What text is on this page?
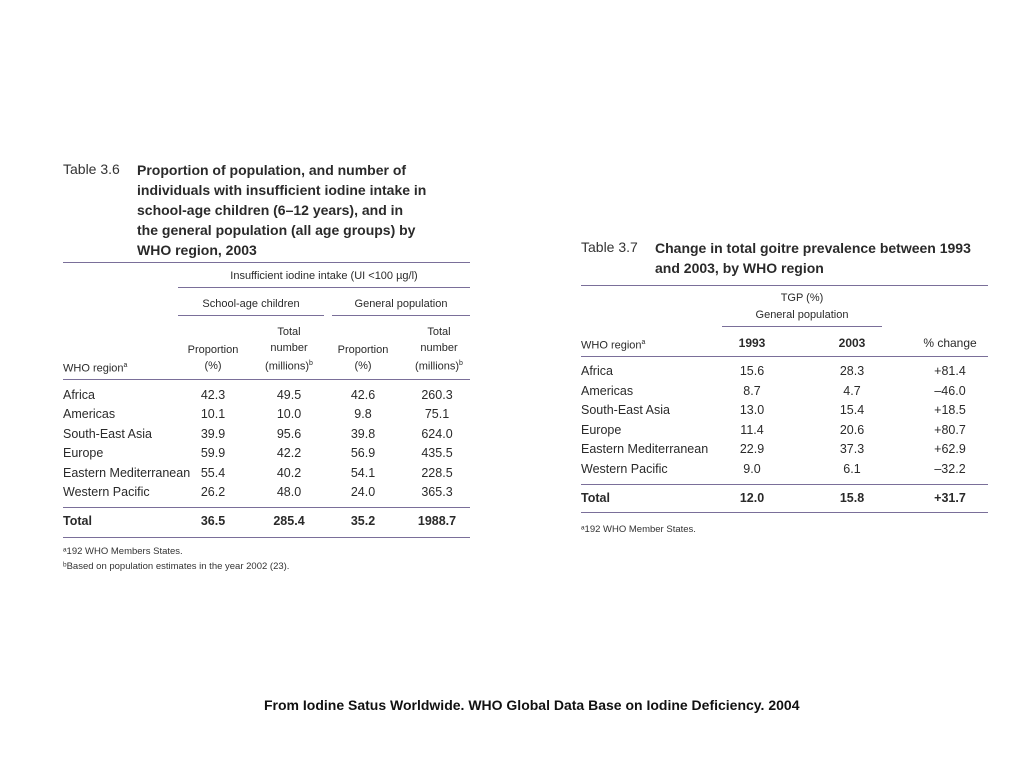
Table 3.6 Proportion of population, and number of
individuals with insufficient iodine intake in
school-age children (6–12 years), and in
the general population (all age groups) by
WHO region, 2003
Insufficient iodine intake (UI <100 µg/l)
School-age children	General population
WHO region$^a$
Proportion
(%)
Total
number
(millions)$^b$
Proportion
(%)
Total
number
(millions)$^b$
Africa	42.3	49.5	42.6	260.3
Americas	10.1	10.0	9.8	75.1
South-East Asia	39.9	95.6	39.8	624.0
Europe	59.9	42.2	56.9	435.5
Eastern Mediterranean 55.4	40.2	54.1	228.5
Western Pacific	26.2	48.0	24.0	365.3
Total	36.5	285.4	35.2	1988.7
ᵃ192 WHO Members States.
ᵇBased on population estimates in the year 2002 (23).
Table 3.7 Change in total goitre prevalence between 1993
and 2003, by WHO region
TGP (%)
General population
WHO region$^a$	1993	2003	% change
Africa	15.6	28.3	+81.4
Americas	8.7	4.7	–46.0
South-East Asia	13.0	15.4	+18.5
Europe	11.4	20.6	+80.7
Eastern Mediterranean	22.9	37.3	+62.9
Western Pacific	9.0	6.1	–32.2
Total	12.0	15.8	+31.7
ᵃ192 WHO Member States.
From Iodine Satus Worldwide. WHO Global Data Base on Iodine Deficiency. 2004
